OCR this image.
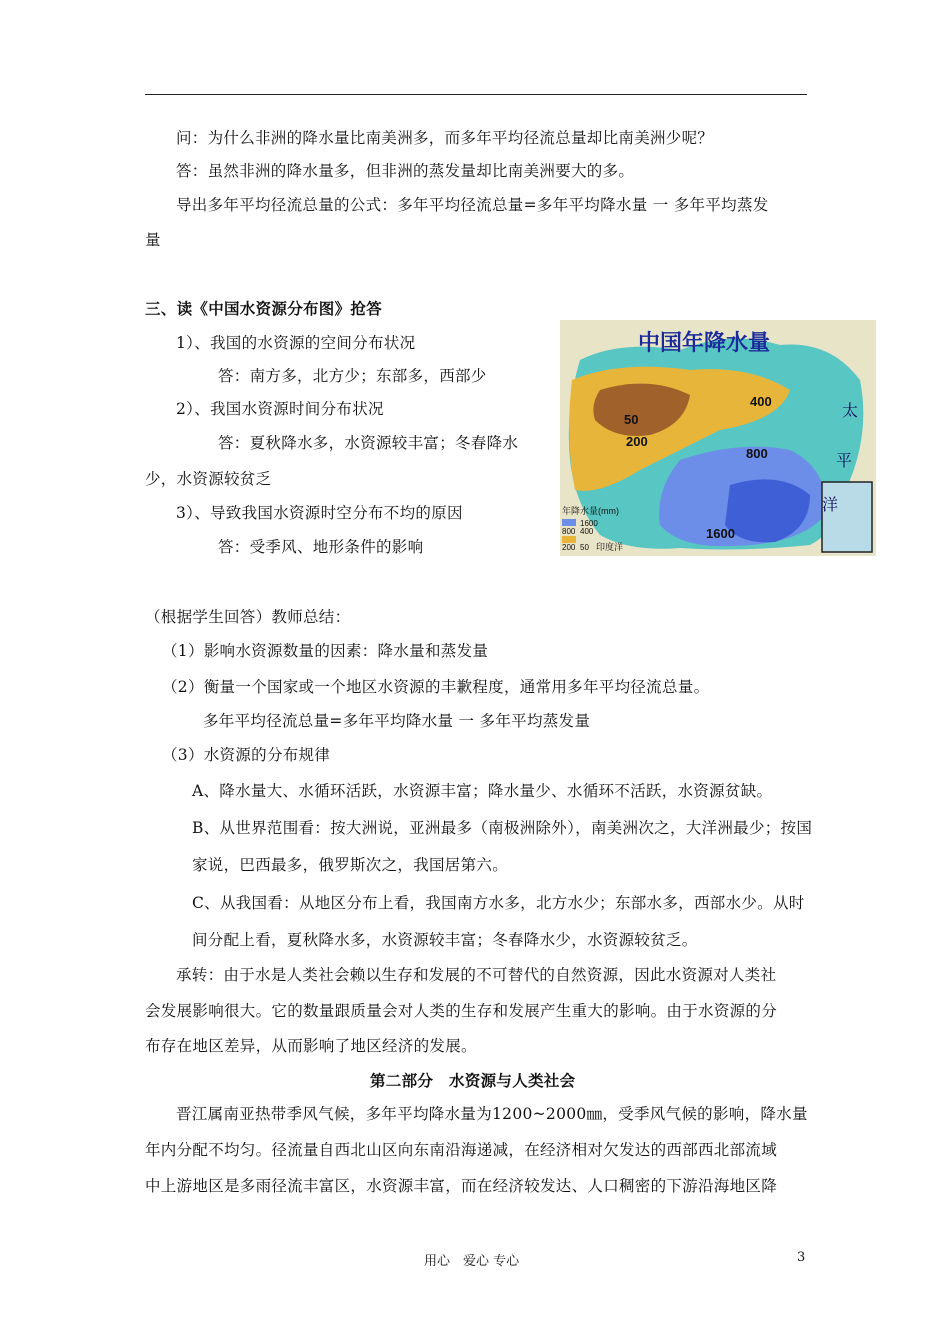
问：为什么非洲的降水量比南美洲多，而多年平均径流总量却比南美洲少呢？
答：虽然非洲的降水量多，但非洲的蒸发量却比南美洲要大的多。
导出多年平均径流总量的公式：多年平均径流总量=多年平均降水量 一 多年平均蒸发
量
三、读《中国水资源分布图》抢答
1）、我国的水资源的空间分布状况
答：南方多，北方少；东部多，西部少
2）、我国水资源时间分布状况
答：夏秋降水多，水资源较丰富；冬春降水
少，水资源较贫乏
3）、导致我国水资源时空分布不均的原因
答：受季风、地形条件的影响
中国年降水量
400
50
200
800
1600
太
平
洋
年降水量(mm)
1600
800 400
200 50 印度洋
（根据学生回答）教师总结：
（1）影响水资源数量的因素：降水量和蒸发量
（2）衡量一个国家或一个地区水资源的丰歉程度，通常用多年平均径流总量。
多年平均径流总量=多年平均降水量 一 多年平均蒸发量
（3）水资源的分布规律
A、降水量大、水循环活跃，水资源丰富；降水量少、水循环不活跃，水资源贫缺。
B、从世界范围看：按大洲说，亚洲最多（南极洲除外），南美洲次之，大洋洲最少；按国
家说，巴西最多，俄罗斯次之，我国居第六。
C、从我国看：从地区分布上看，我国南方水多，北方水少；东部水多，西部水少。从时
间分配上看，夏秋降水多，水资源较丰富；冬春降水少，水资源较贫乏。
承转：由于水是人类社会赖以生存和发展的不可替代的自然资源，因此水资源对人类社
会发展影响很大。它的数量跟质量会对人类的生存和发展产生重大的影响。由于水资源的分
布存在地区差异，从而影响了地区经济的发展。
第二部分　水资源与人类社会
晋江属南亚热带季风气候，多年平均降水量为1200~2000㎜，受季风气候的影响，降水量
年内分配不均匀。径流量自西北山区向东南沿海递减，在经济相对欠发达的西部西北部流域
中上游地区是多雨径流丰富区，水资源丰富，而在经济较发达、人口稠密的下游沿海地区降
用心　爱心 专心	3
